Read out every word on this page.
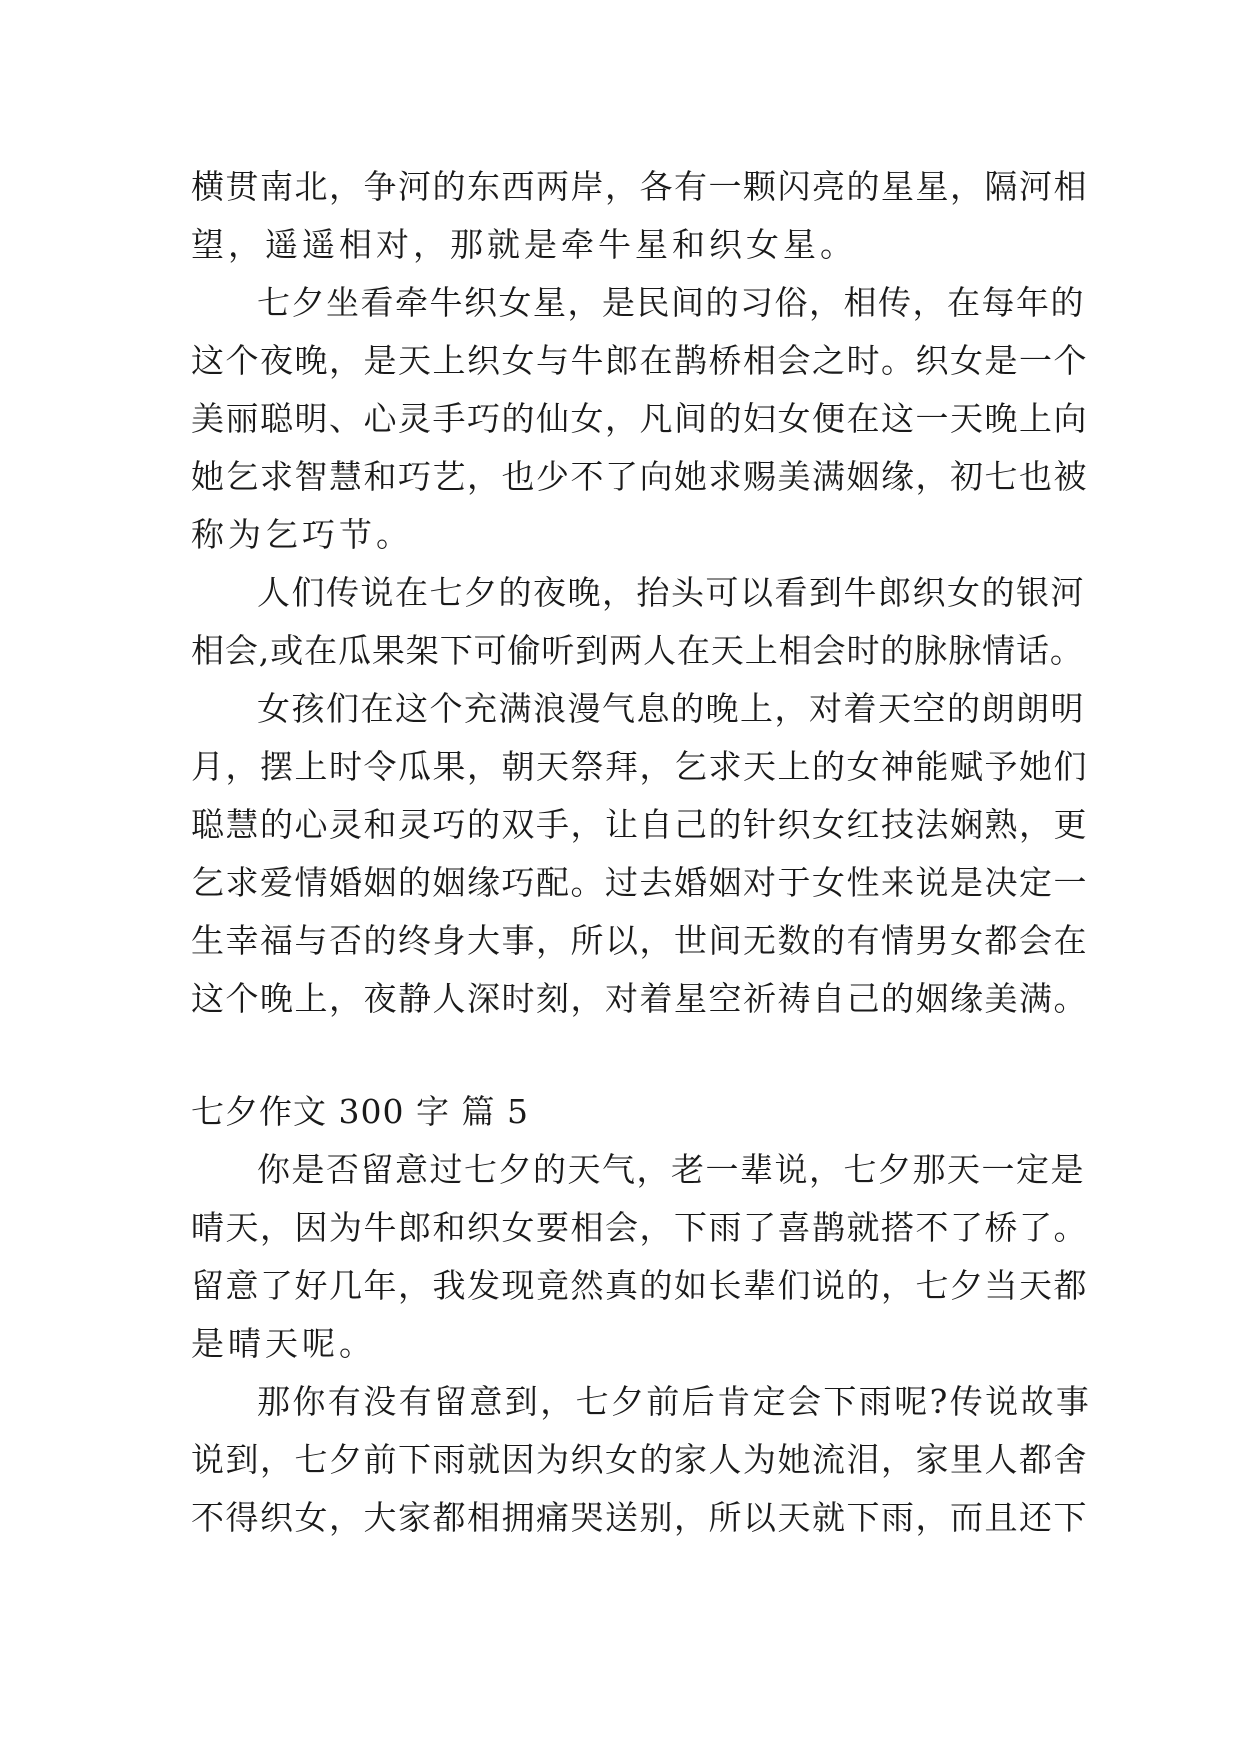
横贯南北，争河的东西两岸，各有一颗闪亮的星星，隔河相
望，遥遥相对，那就是牵牛星和织女星。
七夕坐看牵牛织女星，是民间的习俗，相传，在每年的
这个夜晚，是天上织女与牛郎在鹊桥相会之时。织女是一个
美丽聪明、心灵手巧的仙女，凡间的妇女便在这一天晚上向
她乞求智慧和巧艺，也少不了向她求赐美满姻缘，初七也被
称为乞巧节。
人们传说在七夕的夜晚，抬头可以看到牛郎织女的银河
相会,或在瓜果架下可偷听到两人在天上相会时的脉脉情话。
女孩们在这个充满浪漫气息的晚上，对着天空的朗朗明
月，摆上时令瓜果，朝天祭拜，乞求天上的女神能赋予她们
聪慧的心灵和灵巧的双手，让自己的针织女红技法娴熟，更
乞求爱情婚姻的姻缘巧配。过去婚姻对于女性来说是决定一
生幸福与否的终身大事，所以，世间无数的有情男女都会在
这个晚上，夜静人深时刻，对着星空祈祷自己的姻缘美满。
七夕作文 300 字 篇 5
你是否留意过七夕的天气，老一辈说，七夕那天一定是
晴天，因为牛郎和织女要相会，下雨了喜鹊就搭不了桥了。
留意了好几年，我发现竟然真的如长辈们说的，七夕当天都
是晴天呢。
那你有没有留意到，七夕前后肯定会下雨呢?传说故事
说到，七夕前下雨就因为织女的家人为她流泪，家里人都舍
不得织女，大家都相拥痛哭送别，所以天就下雨，而且还下
